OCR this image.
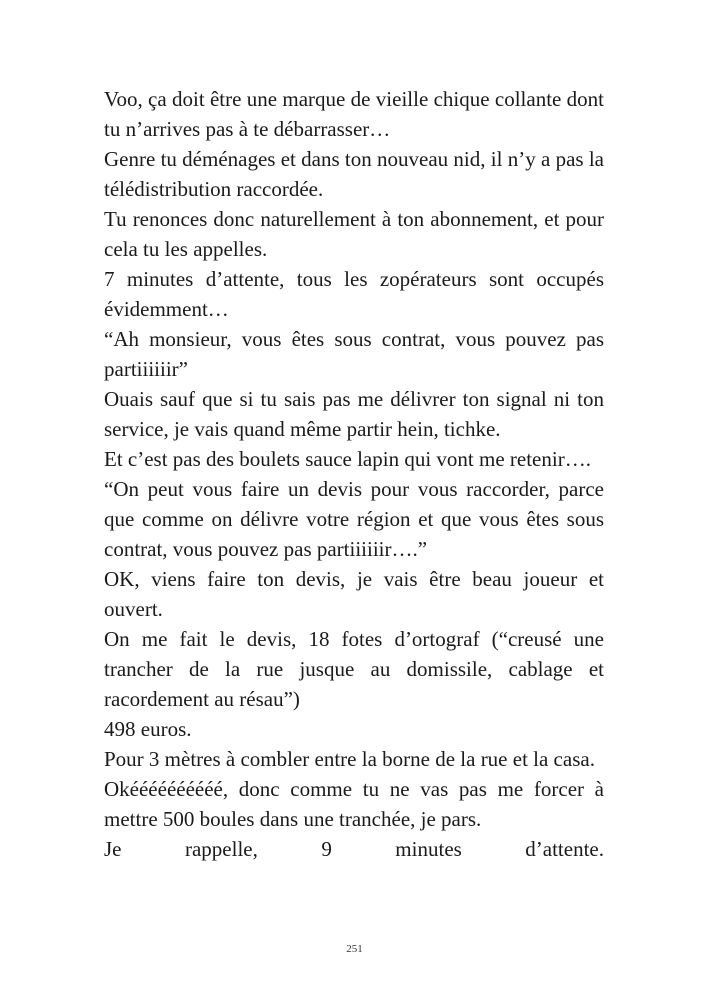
Voo, ça doit être une marque de vieille chique collante dont tu n’arrives pas à te débarrasser…

Genre tu déménages et dans ton nouveau nid, il n’y a pas la télédistribution raccordée.

Tu renonces donc naturellement à ton abonnement, et pour cela tu les appelles.

7 minutes d’attente, tous les zopérateurs sont occupés évidemment…

“Ah monsieur, vous êtes sous contrat, vous pouvez pas partiiiiiir”

Ouais sauf que si tu sais pas me délivrer ton signal ni ton service, je vais quand même partir hein, tichke.

Et c’est pas des boulets sauce lapin qui vont me retenir….

“On peut vous faire un devis pour vous raccorder, parce que comme on délivre votre région et que vous êtes sous contrat, vous pouvez pas partiiiiiir….”

OK, viens faire ton devis, je vais être beau joueur et ouvert.

On me fait le devis, 18 fotes d’ortograf (“creusé une trancher de la rue jusque au domissile, cablage et racordement au résau”)

498 euros.

Pour 3 mètres à combler entre la borne de la rue et la casa.

Okéééééééééé, donc comme tu ne vas pas me forcer à mettre 500 boules dans une tranchée, je pars.

Je rappelle, 9 minutes d’attente.

251
